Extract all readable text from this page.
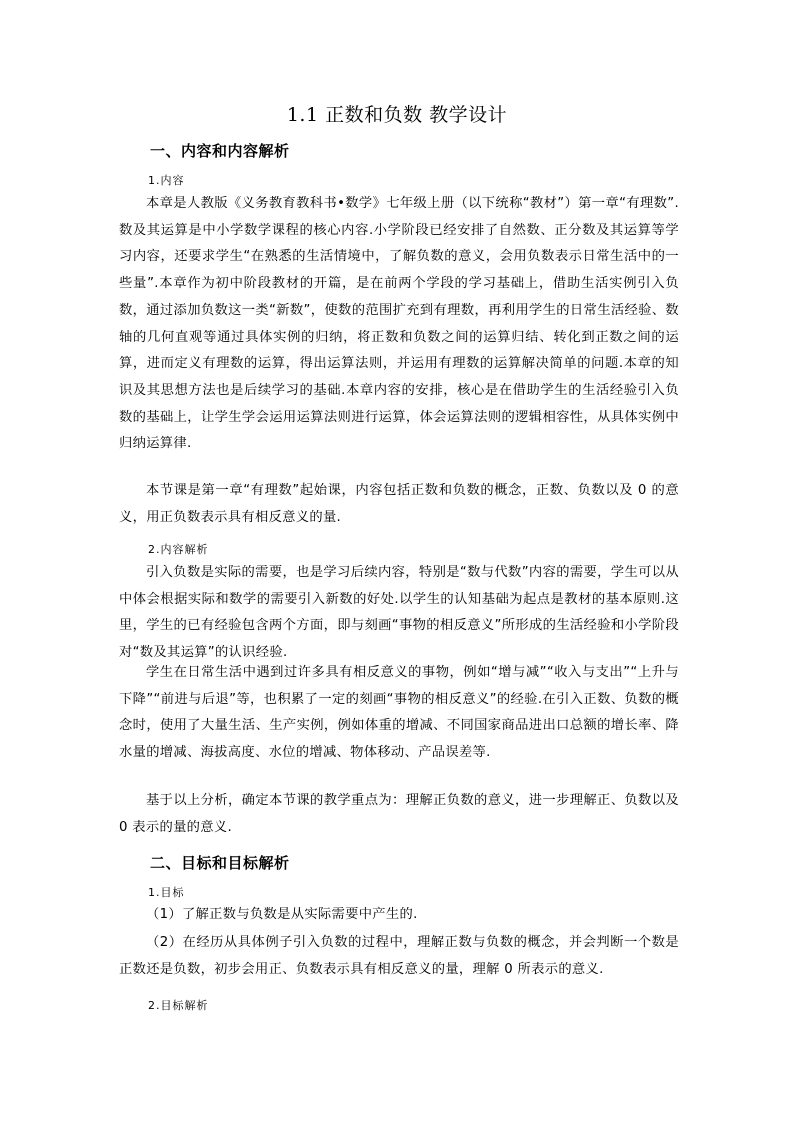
1.1 正数和负数 教学设计
一、内容和内容解析
1.内容
本章是人教版《义务教育教科书•数学》七年级上册（以下统称“教材”）第一章“有理数”.数及其运算是中小学数学课程的核心内容.小学阶段已经安排了自然数、正分数及其运算等学习内容，还要求学生“在熟悉的生活情境中，了解负数的意义，会用负数表示日常生活中的一些量”.本章作为初中阶段教材的开篇，是在前两个学段的学习基础上，借助生活实例引入负数，通过添加负数这一类“新数”，使数的范围扩充到有理数，再利用学生的日常生活经验、数轴的几何直观等通过具体实例的归纳，将正数和负数之间的运算归结、转化到正数之间的运算，进而定义有理数的运算，得出运算法则，并运用有理数的运算解决简单的问题.本章的知识及其思想方法也是后续学习的基础.本章内容的安排，核心是在借助学生的生活经验引入负数的基础上，让学生学会运用运算法则进行运算，体会运算法则的逻辑相容性，从具体实例中归纳运算律.
本节课是第一章“有理数”起始课，内容包括正数和负数的概念，正数、负数以及 0 的意义，用正负数表示具有相反意义的量.
2.内容解析
引入负数是实际的需要，也是学习后续内容，特别是“数与代数”内容的需要，学生可以从中体会根据实际和数学的需要引入新数的好处.以学生的认知基础为起点是教材的基本原则.这里，学生的已有经验包含两个方面，即与刻画“事物的相反意义”所形成的生活经验和小学阶段对“数及其运算”的认识经验.
学生在日常生活中遇到过许多具有相反意义的事物，例如“增与减”“收入与支出”“上升与下降”“前进与后退”等，也积累了一定的刻画“事物的相反意义”的经验.在引入正数、负数的概念时，使用了大量生活、生产实例，例如体重的增减、不同国家商品进出口总额的增长率、降水量的增减、海拔高度、水位的增减、物体移动、产品误差等.
基于以上分析，确定本节课的教学重点为：理解正负数的意义，进一步理解正、负数以及 0 表示的量的意义.
二、目标和目标解析
1.目标
（1）了解正数与负数是从实际需要中产生的.
（2）在经历从具体例子引入负数的过程中，理解正数与负数的概念，并会判断一个数是正数还是负数，初步会用正、负数表示具有相反意义的量，理解 0 所表示的意义.
2.目标解析
